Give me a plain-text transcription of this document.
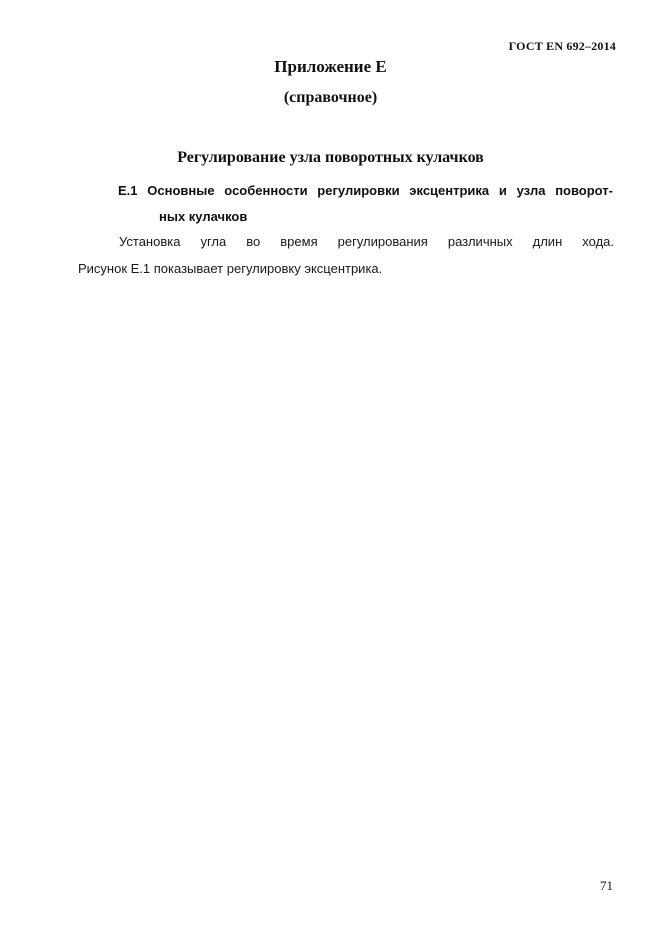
ГОСТ EN 692–2014
Приложение Е
(справочное)
Регулирование узла поворотных кулачков
Е.1 Основные особенности регулировки эксцентрика и узла поворот-
ных кулачков
Установка угла во время регулирования различных длин хода.
Рисунок Е.1 показывает регулировку эксцентрика.
71
